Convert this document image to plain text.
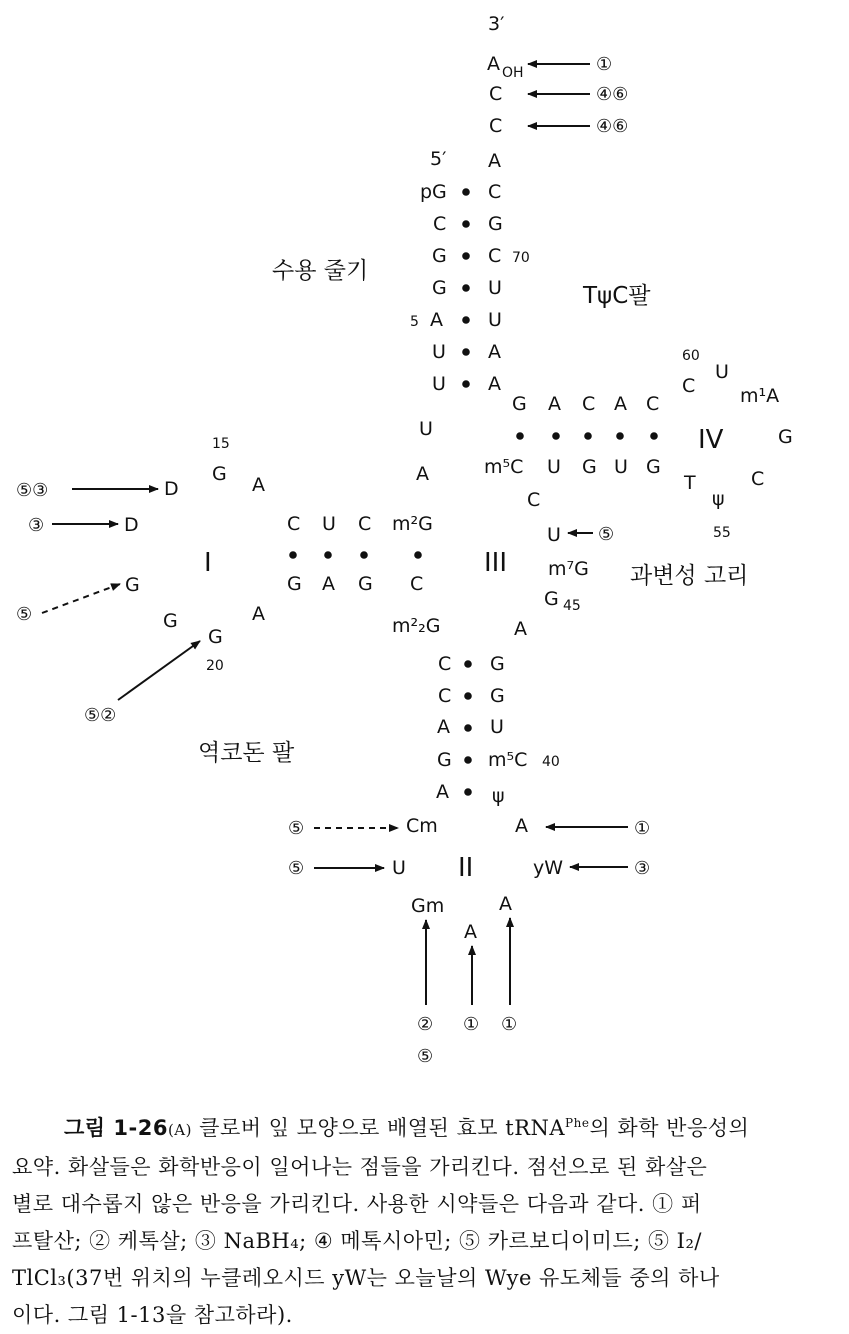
수용 줄기
TψC팔
과변성 고리
역코돈 팔
3′
5′
A OH
C
C
A
pG
C
G
G
A
U
U
C
G
C
U
U
A
A
5
70
U
A
15
G A
D
D
G
G
G
20
A
I
C U C m²G
G A G C
m²₂G
G A C A C
m⁵C U G U G
60
C
U
m¹A
G
C
ψ
55
T
IV
C
U
m⁷G
G 45
A
III
C
C
A
G
A
G
G
U
m⁵C
ψ
40
Cm
U
Gm
A
A
yW
A
II
①
④⑥
④⑥
⑤③
③
⑤
⑤②
⑤
①
③
⑤
⑤
②
⑤
① ①
그림 1-26(A) 클로버 잎 모양으로 배열된 효모 tRNA$^{Phe}$의 화학 반응성의
요약. 화살들은 화학반응이 일어나는 점들을 가리킨다. 점선으로 된 화살은
별로 대수롭지 않은 반응을 가리킨다. 사용한 시약들은 다음과 같다. ① 퍼
프탈산; ② 케톡살; ③ NaBH₄; ④ 메톡시아민; ⑤ 카르보디이미드; ⑤ I₂/
TlCl₃(37번 위치의 누클레오시드 yW는 오늘날의 Wye 유도체들 중의 하나
이다. 그림 1-13을 참고하라).
